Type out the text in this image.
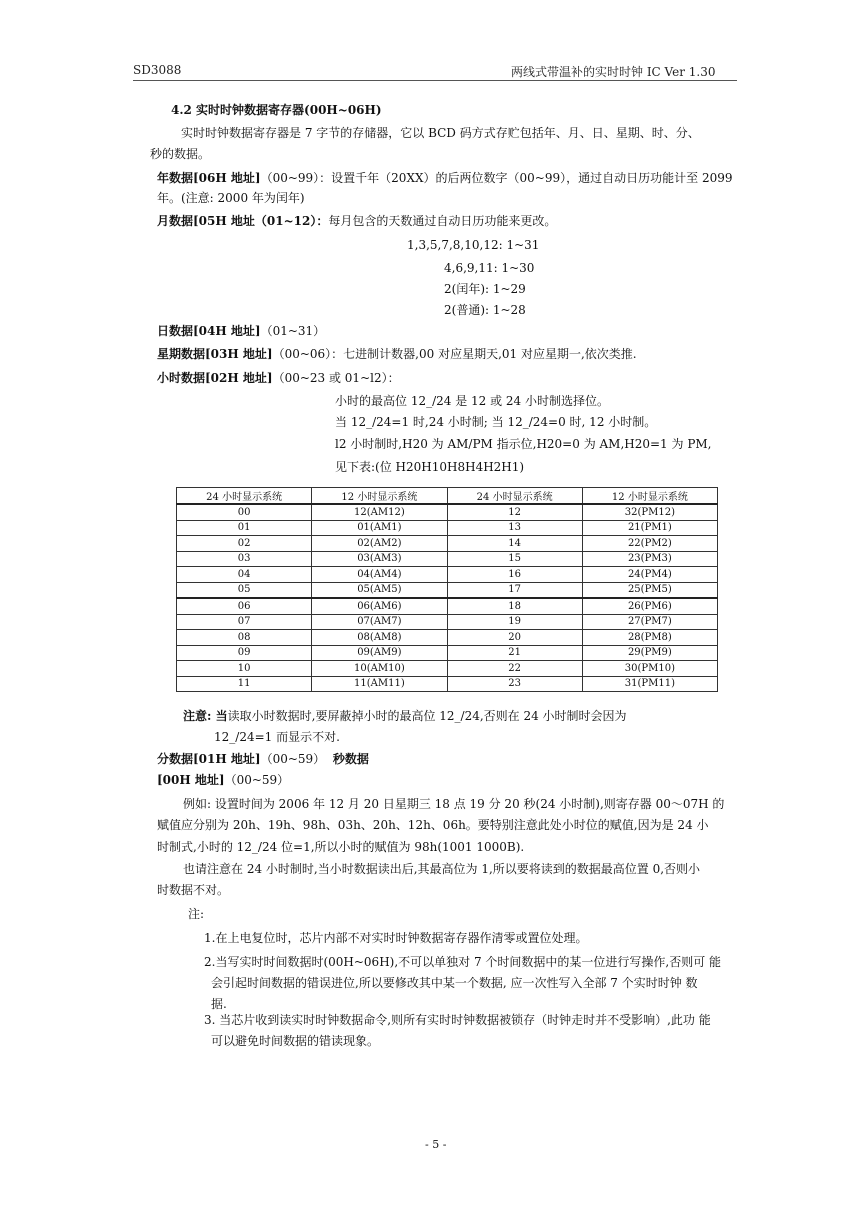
SD3088	两线式带温补的实时时钟 IC Ver 1.30
4.2 实时时钟数据寄存器(00H~06H)
实时时钟数据寄存器是 7 字节的存储器，它以 BCD 码方式存贮包括年、月、日、星期、时、分、
秒的数据。
年数据[06H 地址]（00~99）：设置千年（20XX）的后两位数字（00~99），通过自动日历功能计至 2099
年。(注意: 2000 年为闰年)
月数据[05H 地址（01~12）：每月包含的天数通过自动日历功能来更改。
1,3,5,7,8,10,12: 1~31
4,6,9,11: 1~30
2(闰年): 1~29
2(普通): 1~28
日数据[04H 地址]（01~31）
星期数据[03H 地址]（00~06）：七进制计数器,00 对应星期天,01 对应星期一,依次类推.
小时数据[02H 地址]（00~23 或 01~l2）：
小时的最高位 12_/24 是 12 或 24 小时制选择位。
当 12_/24=1 时,24 小时制; 当 12_/24=0 时, 12 小时制。
l2 小时制时,H20 为 AM/PM 指示位,H20=0 为 AM,H20=1 为 PM,
见下表:(位 H20H10H8H4H2H1)
24 小时显示系统	12 小时显示系统	24 小时显示系统	12 小时显示系统
00	12(AM12)	12	32(PM12)
01	01(AM1)	13	21(PM1)
02	02(AM2)	14	22(PM2)
03	03(AM3)	15	23(PM3)
04	04(AM4)	16	24(PM4)
05	05(AM5)	17	25(PM5)
06	06(AM6)	18	26(PM6)
07	07(AM7)	19	27(PM7)
08	08(AM8)	20	28(PM8)
09	09(AM9)	21	29(PM9)
10	10(AM10)	22	30(PM10)
11	11(AM11)	23	31(PM11)
注意: 当读取小时数据时,要屏蔽掉小时的最高位 12_/24,否则在 24 小时制时会因为
12_/24=1 而显示不对.
分数据[01H 地址]（00~59） 秒数据
[00H 地址]（00~59）
例如: 设置时间为 2006 年 12 月 20 日星期三 18 点 19 分 20 秒(24 小时制),则寄存器 00～07H 的
赋值应分别为 20h、19h、98h、03h、20h、12h、06h。要特别注意此处小时位的赋值,因为是 24 小
时制式,小时的 12_/24 位=1,所以小时的赋值为 98h(1001 1000B).
也请注意在 24 小时制时,当小时数据读出后,其最高位为 1,所以要将读到的数据最高位置 0,否则小
时数据不对。
注:
1.在上电复位时，芯片内部不对实时时钟数据寄存器作清零或置位处理。
2.当写实时时间数据时(00H~06H),不可以单独对 7 个时间数据中的某一位进行写操作,否则可 能
会引起时间数据的错误进位,所以要修改其中某一个数据, 应一次性写入全部 7 个实时时钟 数
据.
3. 当芯片收到读实时时钟数据命令,则所有实时时钟数据被锁存（时钟走时并不受影响）,此功 能
可以避免时间数据的错读现象。
- 5 -
